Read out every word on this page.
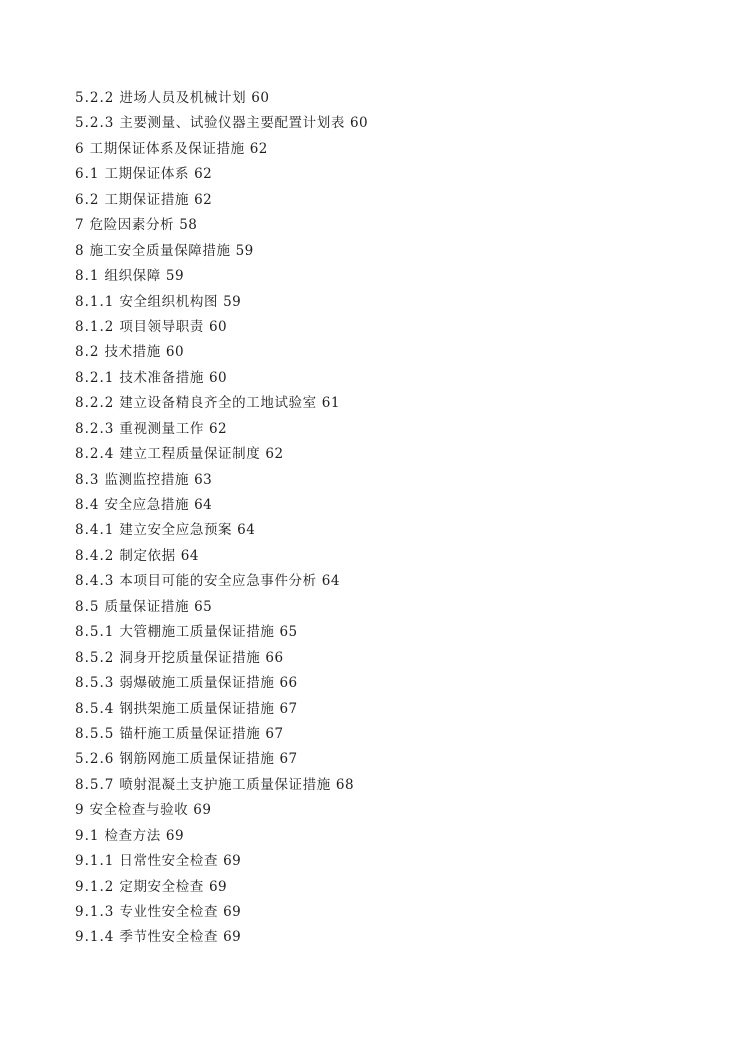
5.2.2 进场人员及机械计划 60

5.2.3 主要测量、试验仪器主要配置计划表 60

6 工期保证体系及保证措施 62

6.1 工期保证体系 62

6.2 工期保证措施 62

7 危险因素分析 58

8 施工安全质量保障措施 59

8.1 组织保障 59

8.1.1 安全组织机构图 59

8.1.2 项目领导职责 60

8.2 技术措施 60

8.2.1 技术准备措施 60

8.2.2 建立设备精良齐全的工地试验室 61

8.2.3 重视测量工作 62

8.2.4 建立工程质量保证制度 62

8.3 监测监控措施 63

8.4 安全应急措施 64

8.4.1 建立安全应急预案 64

8.4.2 制定依据 64

8.4.3 本项目可能的安全应急事件分析 64

8.5 质量保证措施 65

8.5.1 大管棚施工质量保证措施 65

8.5.2 洞身开挖质量保证措施 66

8.5.3 弱爆破施工质量保证措施 66

8.5.4 钢拱架施工质量保证措施 67

8.5.5 锚杆施工质量保证措施 67

5.2.6 钢筋网施工质量保证措施 67

8.5.7 喷射混凝土支护施工质量保证措施 68

9 安全检查与验收 69

9.1 检查方法 69

9.1.1 日常性安全检查 69

9.1.2 定期安全检查 69

9.1.3 专业性安全检查 69

9.1.4 季节性安全检查 69
